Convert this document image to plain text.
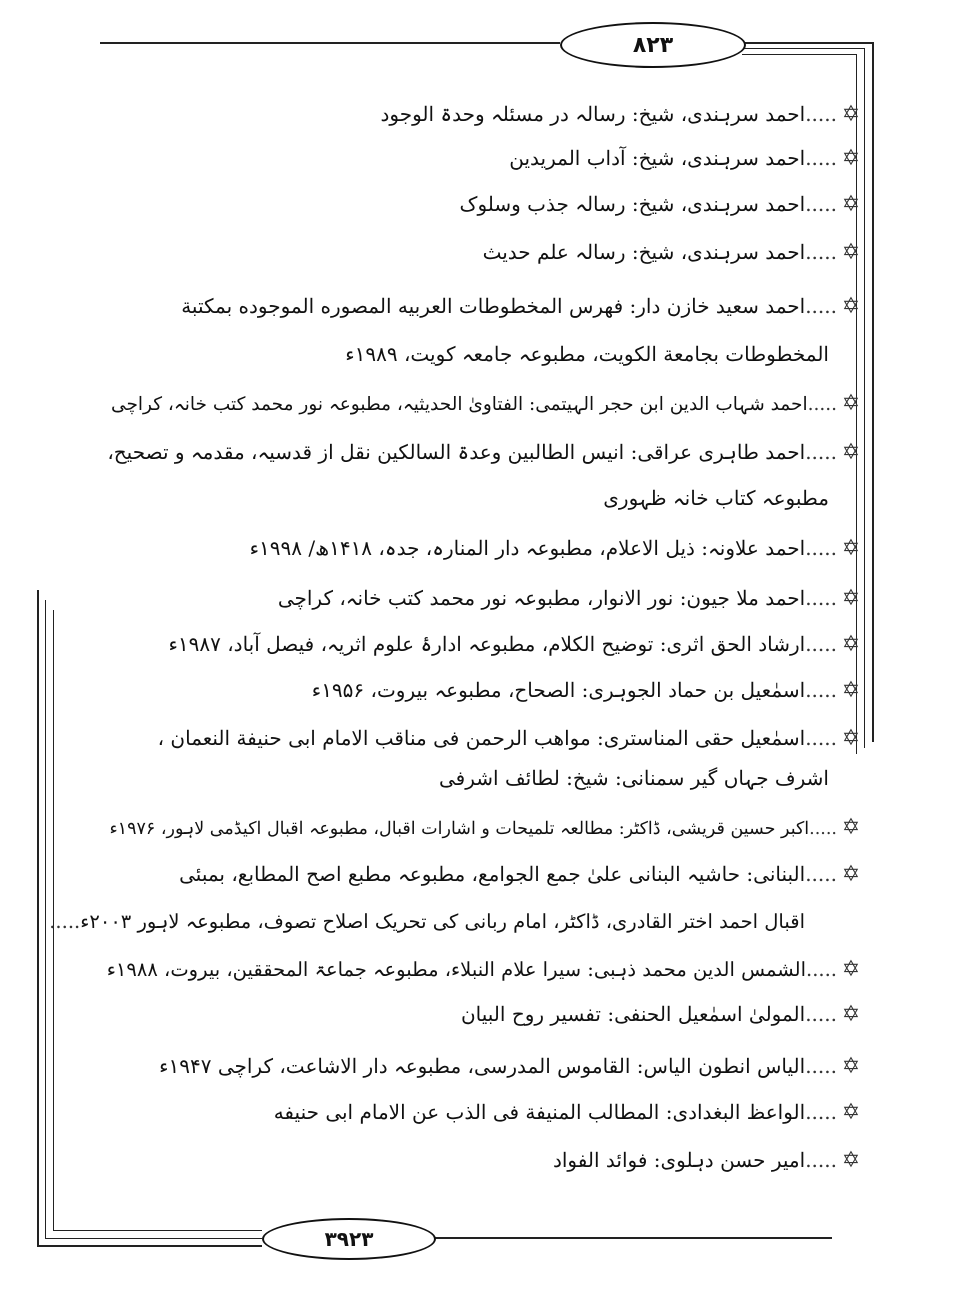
۸۲۳
۳۹۲۳
✡.....احمد سرہندی، شیخ: رسالہ در مسئلہ وحدۃ الوجود
✡.....احمد سرہندی، شیخ: آداب المریدین
✡.....احمد سرہندی، شیخ: رسالہ جذب وسلوک
✡.....احمد سرہندی، شیخ: رسالہ علم حدیث
✡.....احمد سعید خازن دار: فهرس المخطوطات العربيه المصوره الموجوده بمكتبة
المخطوطات بجامعة الكويت، مطبوعہ جامعہ کویت، ۱۹۸۹ء
✡.....احمد شہاب الدین ابن حجر الہیتمی: الفتاویٰ الحدیثیہ، مطبوعہ نور محمد کتب خانہ، کراچی
✡.....احمد طاہری عراقی: انیس الطالبین وعدۃ السالکین نقل از قدسیہ، مقدمہ و تصحیح،
مطبوعہ کتاب خانہ ظہوری
✡.....احمد علاونہ: ذیل الاعلام، مطبوعہ دار المنارہ، جدہ، ۱۴۱۸ھ/ ۱۹۹۸ء
✡.....احمد ملا جیون: نور الانوار، مطبوعہ نور محمد کتب خانہ، کراچی
✡.....ارشاد الحق اثری: توضیح الکلام، مطبوعہ ادارۂ علوم اثریہ، فیصل آباد، ۱۹۸۷ء
✡.....اسمٰعیل بن حماد الجوہری: الصحاح، مطبوعہ بیروت، ۱۹۵۶ء
✡.....اسمٰعیل حقی المناستری: مواهب الرحمن فى مناقب الامام ابى حنيفة النعمان ،
اشرف جہاں گیر سمنانی: شیخ: لطائف اشرفی
✡.....اکبر حسین قریشی، ڈاکٹر: مطالعہ تلمیحات و اشارات اقبال، مطبوعہ اقبال اکیڈمی لاہور، ۱۹۷۶ء
✡.....البنانی: حاشیہ البنانی علیٰ جمع الجوامع، مطبوعہ مطبع اصح المطابع، بمبئی
اقبال احمد اختر القادری، ڈاکٹر، امام ربانی کی تحریک اصلاح تصوف، مطبوعہ لاہور ۲۰۰۳ء.....
✡.....الشمس الدین محمد ذہبی: سیرا علام النبلاء، مطبوعہ جماعۃ المحققین، بیروت، ۱۹۸۸ء
✡.....المولیٰ اسمٰعیل الحنفی: تفسیر روح البیان
✡.....الیاس انطون الیاس: القاموس المدرسی، مطبوعہ دار الاشاعت، کراچی ۱۹۴۷ء
✡.....الواعظ البغدادی: المطالب المنيفة فى الذب عن الامام ابى حنيفه
✡.....امیر حسن دہلوی: فوائد الفواد
